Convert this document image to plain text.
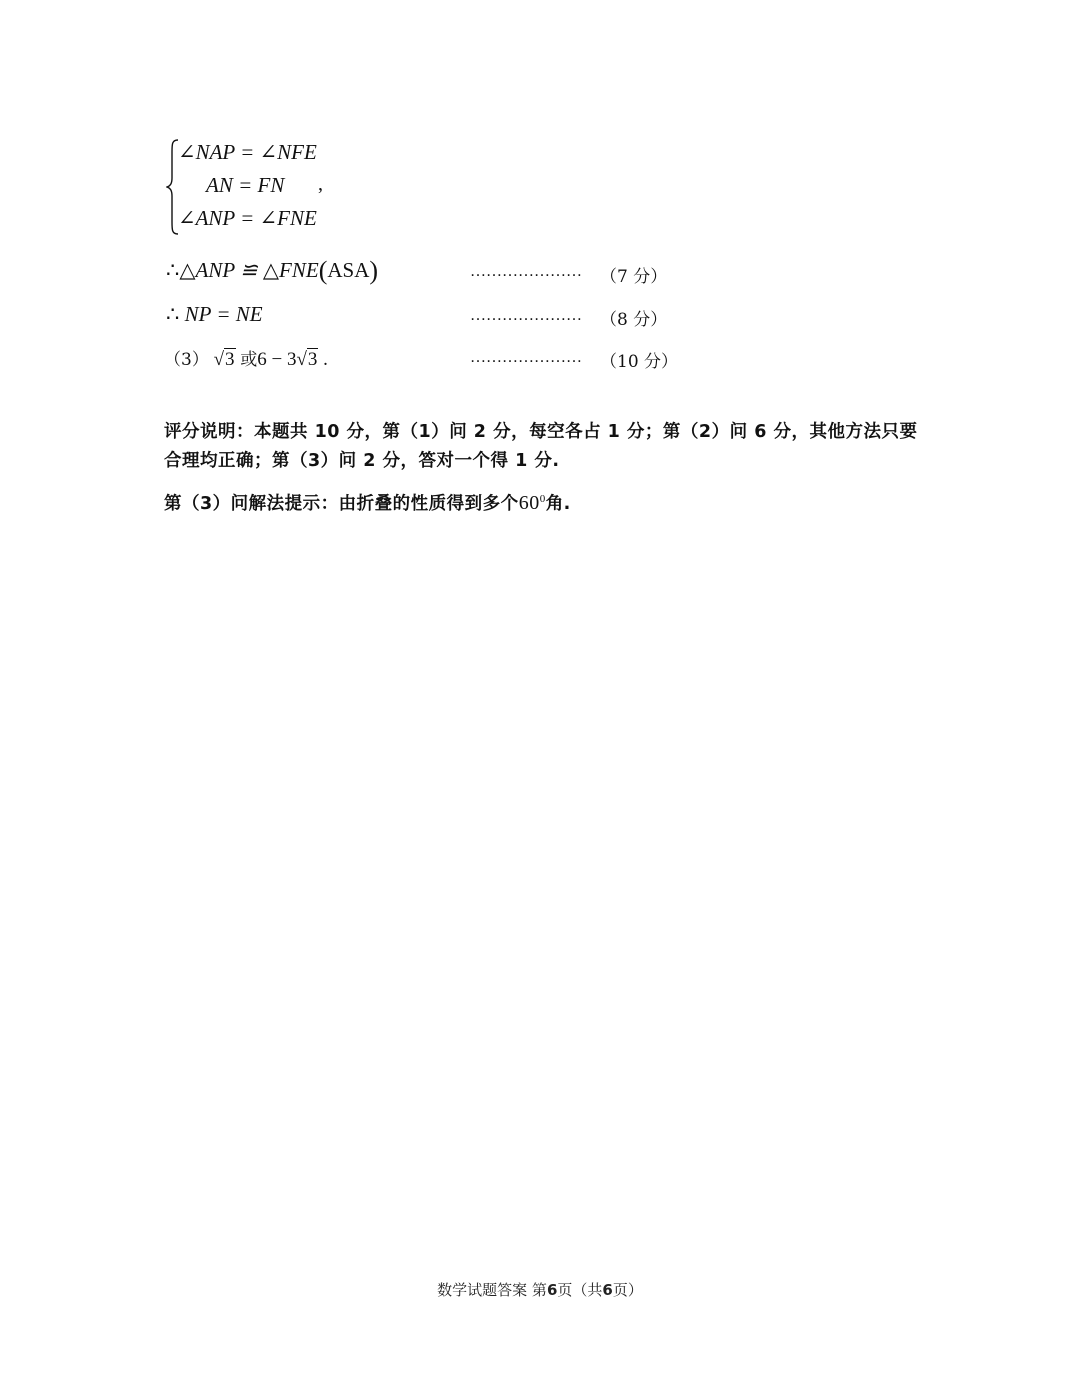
∠NAP = ∠NFE
AN = FN
∠ANP = ∠FNE
,
∴△ANP ≌ △FNE(ASA)	………………… （7 分）
∴ NP = NE	………………… （8 分）
（3） √3 或6 − 3√3 .	………………… （10 分）
评分说明：本题共 10 分，第（1）问 2 分，每空各占 1 分；第（2）问 6 分，其他方法只要
合理均正确；第（3）问 2 分，答对一个得 1 分.
第（3）问解法提示：由折叠的性质得到多个$60^0$角.
数学试题答案 第6页（共6页）
